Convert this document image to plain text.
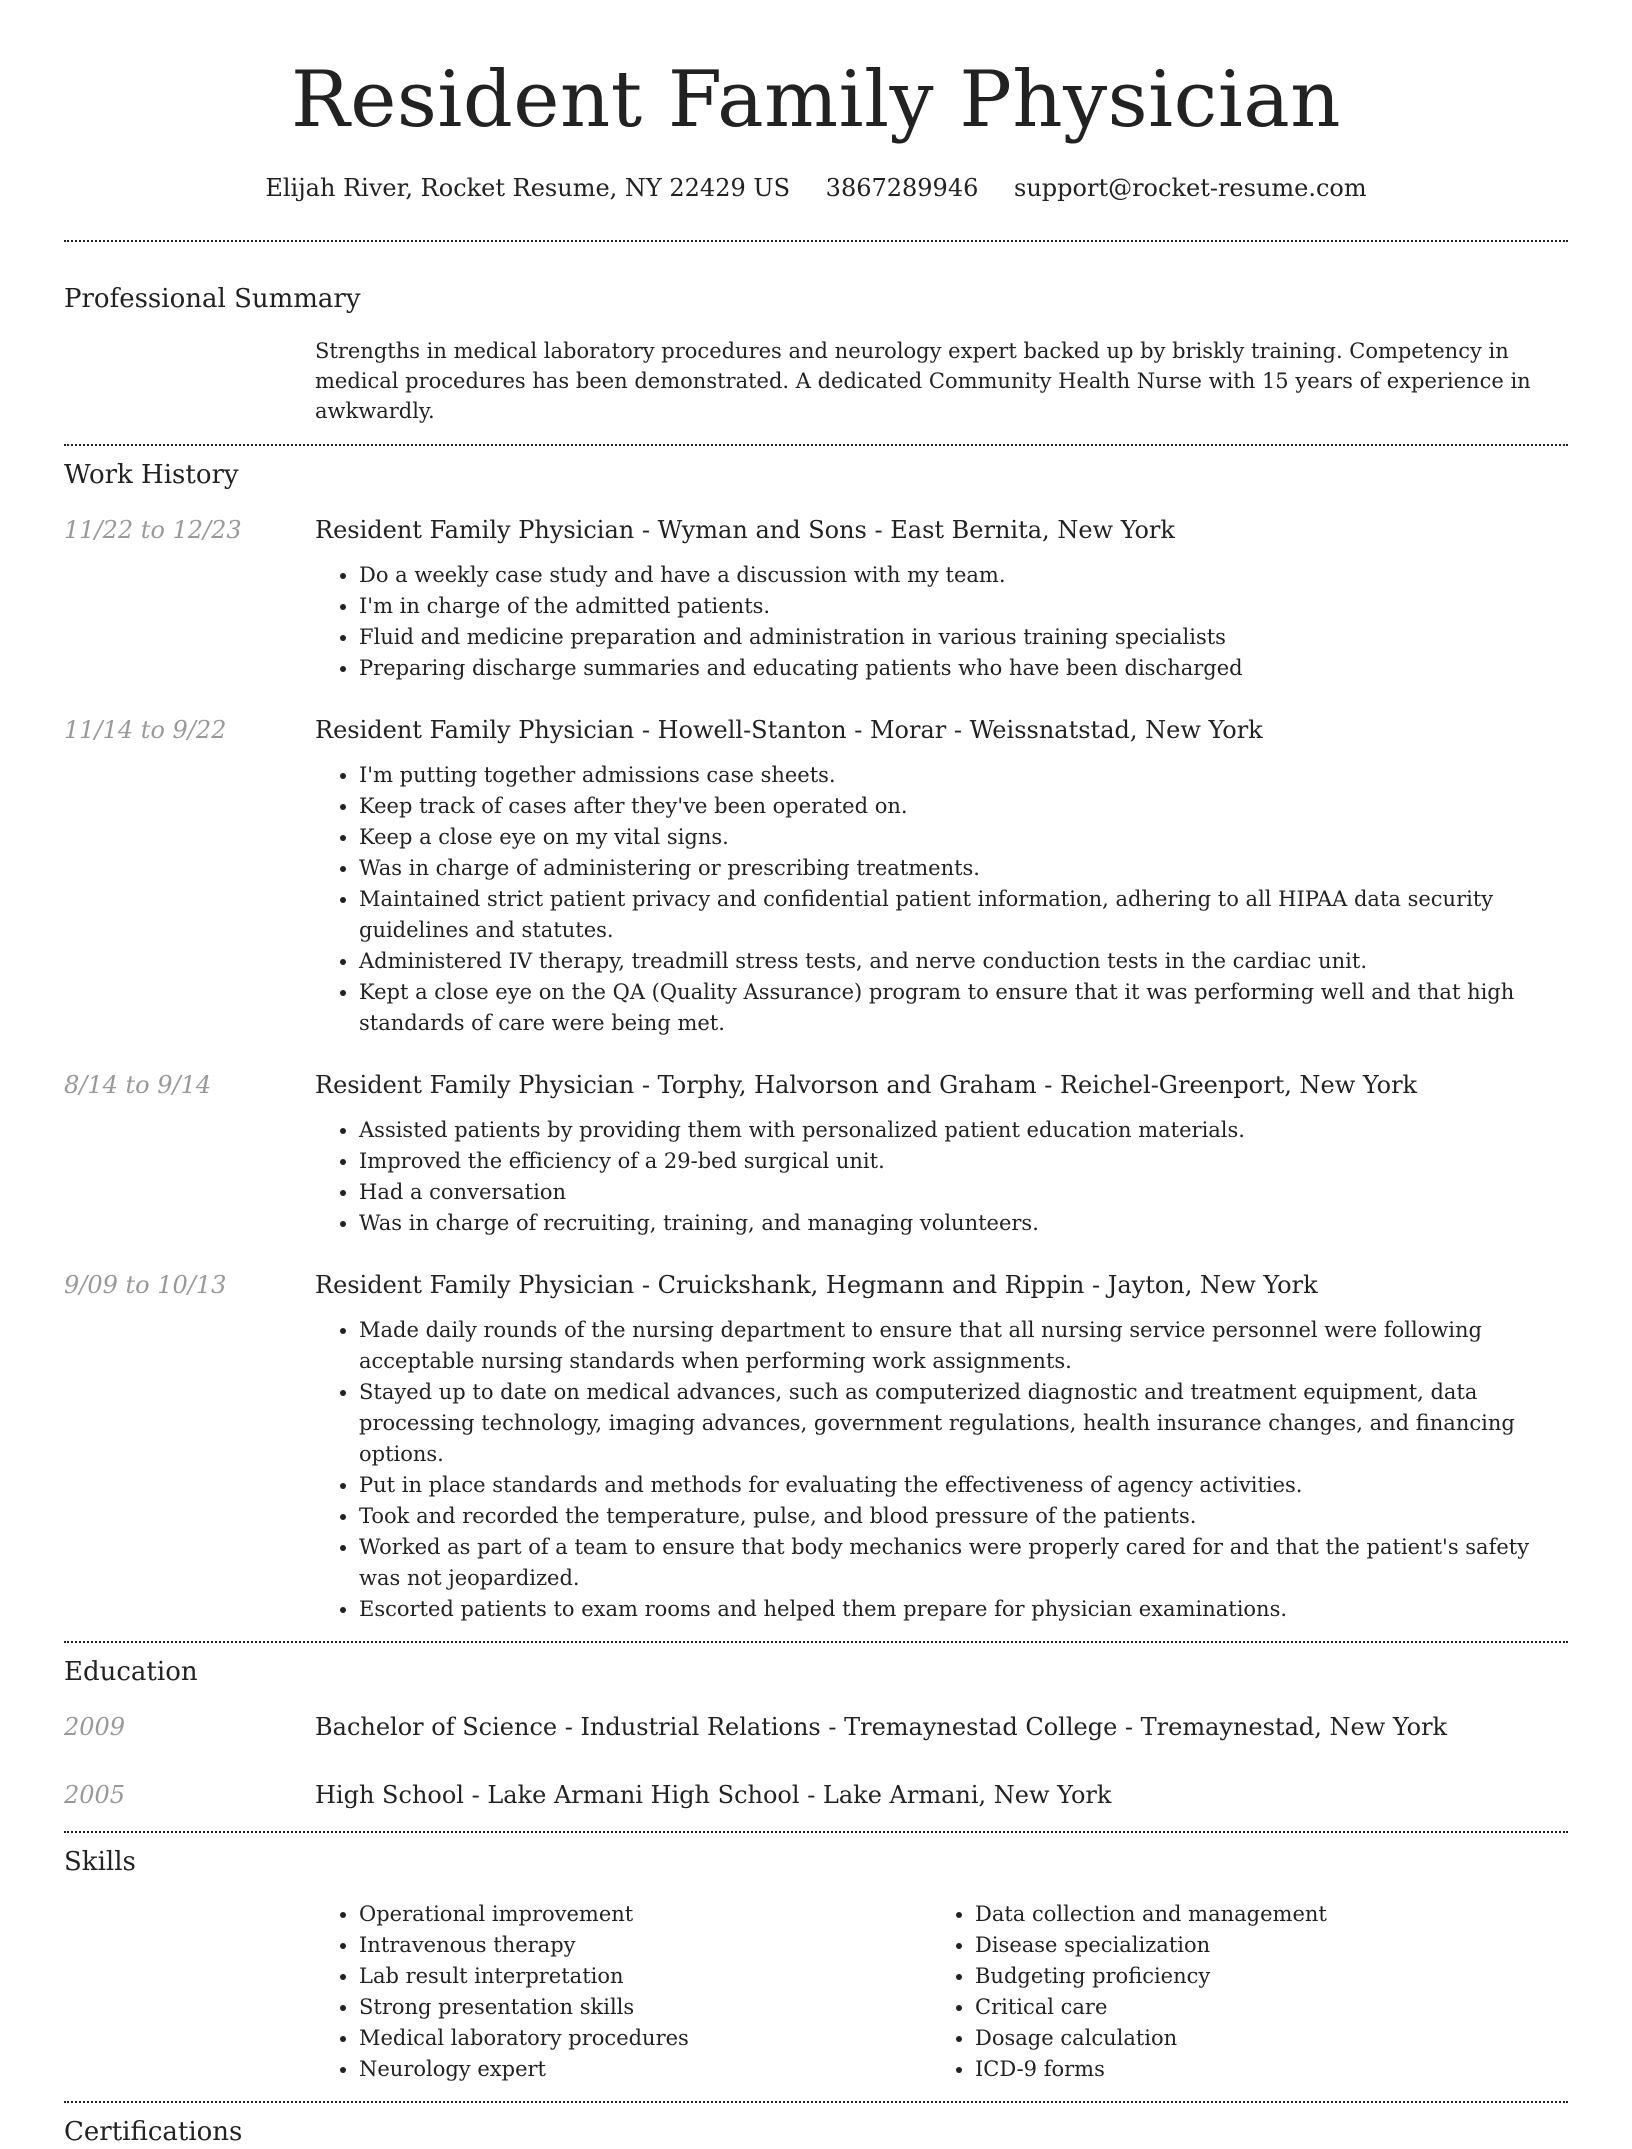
Resident Family Physician
Elijah River, Rocket Resume, NY 22429 US 3867289946 support@rocket-resume.com
Professional Summary
Strengths in medical laboratory procedures and neurology expert backed up by briskly training. Competency in medical procedures has been demonstrated. A dedicated Community Health Nurse with 15 years of experience in awkwardly.
Work History
11/22 to 12/23	Resident Family Physician - Wyman and Sons - East Bernita, New York
• Do a weekly case study and have a discussion with my team.
• I'm in charge of the admitted patients.
• Fluid and medicine preparation and administration in various training specialists
• Preparing discharge summaries and educating patients who have been discharged
11/14 to 9/22	Resident Family Physician - Howell-Stanton - Morar - Weissnatstad, New York
• I'm putting together admissions case sheets.
• Keep track of cases after they've been operated on.
• Keep a close eye on my vital signs.
• Was in charge of administering or prescribing treatments.
• Maintained strict patient privacy and confidential patient information, adhering to all HIPAA data security guidelines and statutes.
• Administered IV therapy, treadmill stress tests, and nerve conduction tests in the cardiac unit.
• Kept a close eye on the QA (Quality Assurance) program to ensure that it was performing well and that high standards of care were being met.
8/14 to 9/14	Resident Family Physician - Torphy, Halvorson and Graham - Reichel-Greenport, New York
• Assisted patients by providing them with personalized patient education materials.
• Improved the efficiency of a 29-bed surgical unit.
• Had a conversation
• Was in charge of recruiting, training, and managing volunteers.
9/09 to 10/13	Resident Family Physician - Cruickshank, Hegmann and Rippin - Jayton, New York
• Made daily rounds of the nursing department to ensure that all nursing service personnel were following acceptable nursing standards when performing work assignments.
• Stayed up to date on medical advances, such as computerized diagnostic and treatment equipment, data processing technology, imaging advances, government regulations, health insurance changes, and financing options.
• Put in place standards and methods for evaluating the effectiveness of agency activities.
• Took and recorded the temperature, pulse, and blood pressure of the patients.
• Worked as part of a team to ensure that body mechanics were properly cared for and that the patient's safety was not jeopardized.
• Escorted patients to exam rooms and helped them prepare for physician examinations.
Education
2009	Bachelor of Science - Industrial Relations - Tremaynestad College - Tremaynestad, New York
2005	High School - Lake Armani High School - Lake Armani, New York
Skills
• Operational improvement
• Intravenous therapy
• Lab result interpretation
• Strong presentation skills
• Medical laboratory procedures
• Neurology expert
• Data collection and management
• Disease specialization
• Budgeting proficiency
• Critical care
• Dosage calculation
• ICD-9 forms
Certifications
